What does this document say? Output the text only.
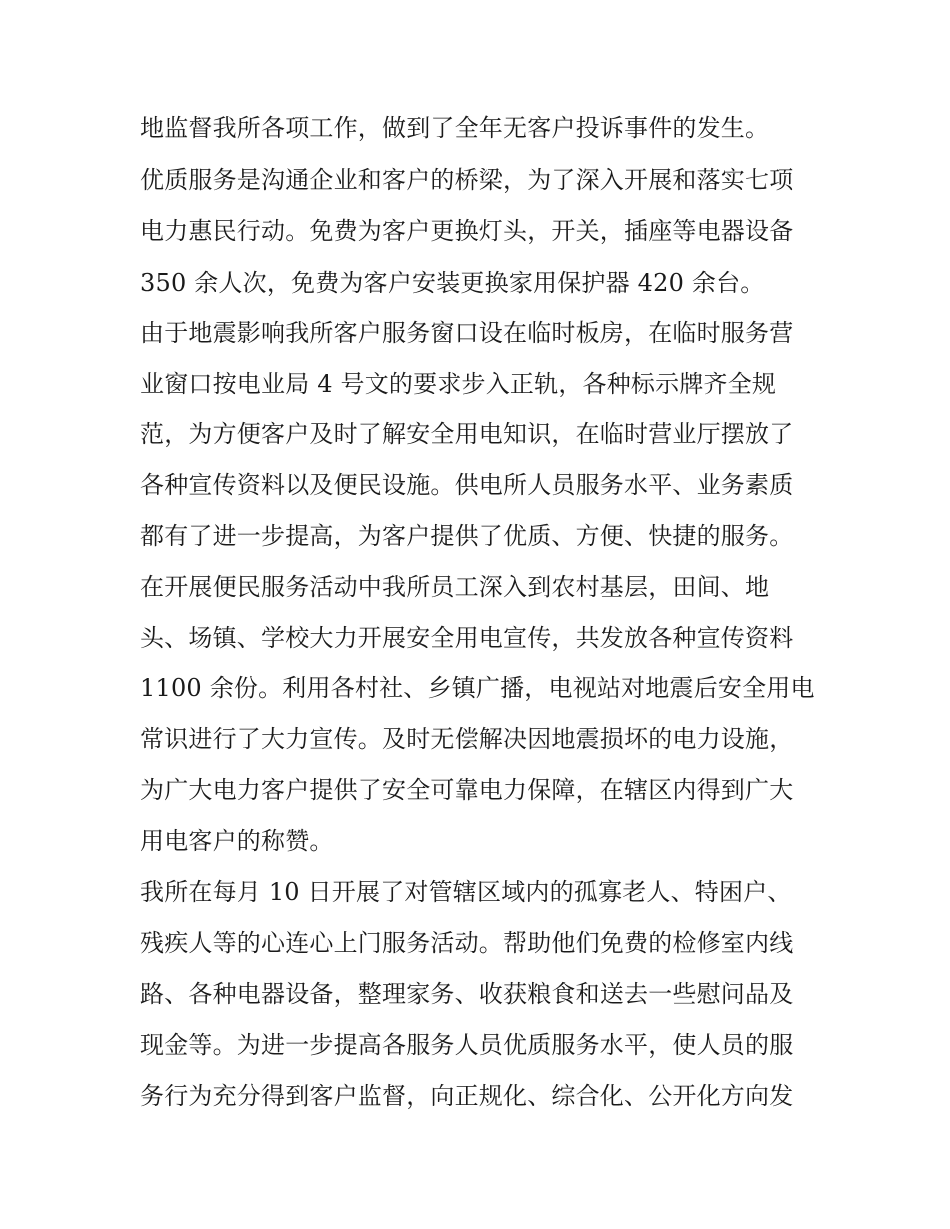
地监督我所各项工作，做到了全年无客户投诉事件的发生。
优质服务是沟通企业和客户的桥梁，为了深入开展和落实七项
电力惠民行动。免费为客户更换灯头，开关，插座等电器设备
350 余人次，免费为客户安装更换家用保护器 420 余台。
由于地震影响我所客户服务窗口设在临时板房，在临时服务营
业窗口按电业局 4 号文的要求步入正轨，各种标示牌齐全规
范，为方便客户及时了解安全用电知识，在临时营业厅摆放了
各种宣传资料以及便民设施。供电所人员服务水平、业务素质
都有了进一步提高，为客户提供了优质、方便、快捷的服务。
在开展便民服务活动中我所员工深入到农村基层，田间、地
头、场镇、学校大力开展安全用电宣传，共发放各种宣传资料
1100 余份。利用各村社、乡镇广播，电视站对地震后安全用电
常识进行了大力宣传。及时无偿解决因地震损坏的电力设施，
为广大电力客户提供了安全可靠电力保障，在辖区内得到广大
用电客户的称赞。
我所在每月 10 日开展了对管辖区域内的孤寡老人、特困户、
残疾人等的心连心上门服务活动。帮助他们免费的检修室内线
路、各种电器设备，整理家务、收获粮食和送去一些慰问品及
现金等。为进一步提高各服务人员优质服务水平，使人员的服
务行为充分得到客户监督，向正规化、综合化、公开化方向发
